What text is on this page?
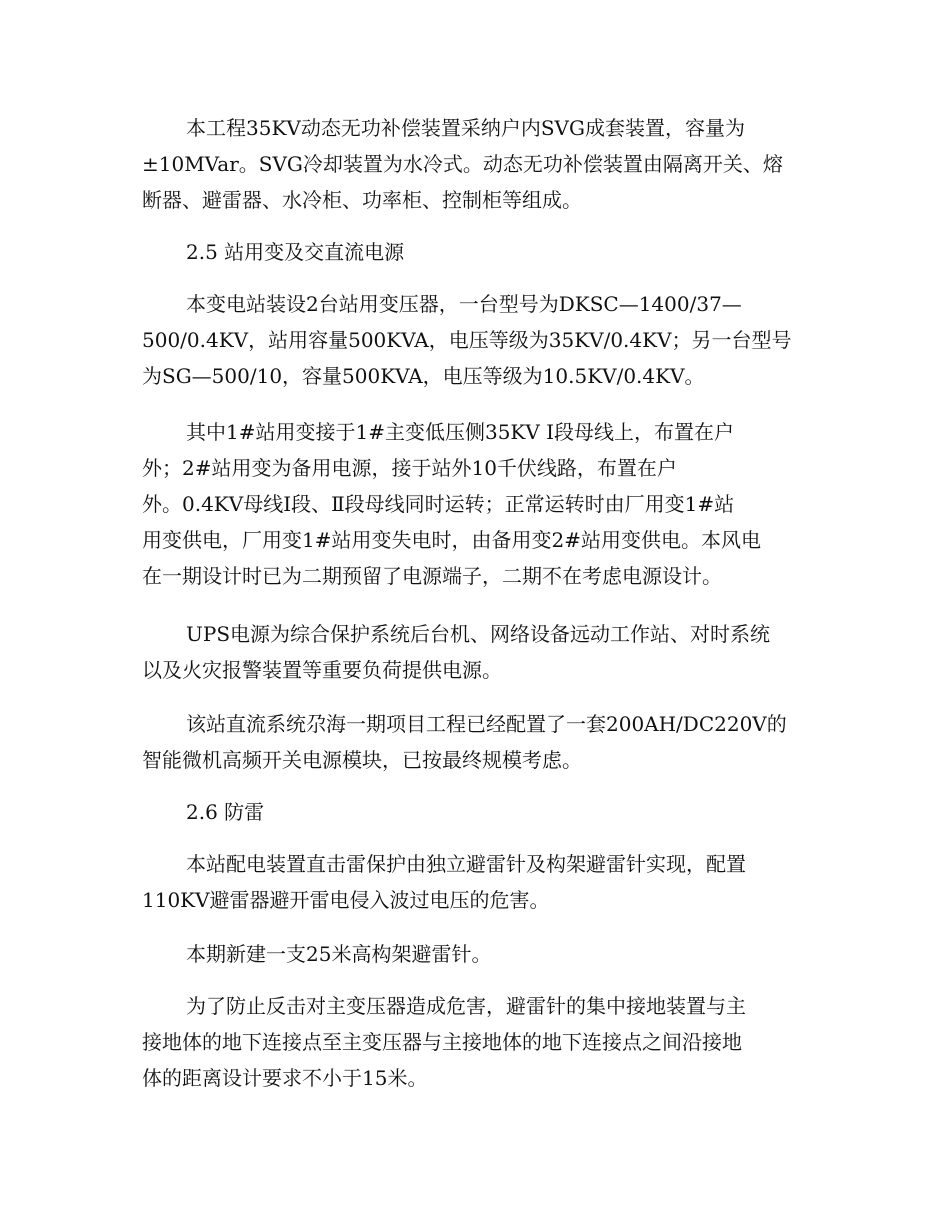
本工程35KV动态无功补偿装置采纳户内SVG成套装置，容量为
±10MVar。SVG冷却装置为水冷式。动态无功补偿装置由隔离开关、熔
断器、避雷器、水冷柜、功率柜、控制柜等组成。

2.5 站用变及交直流电源

本变电站装设2台站用变压器，一台型号为DKSC—1400/37—
500/0.4KV，站用容量500KVA，电压等级为35KV/0.4KV；另一台型号
为SG—500/10，容量500KVA，电压等级为10.5KV/0.4KV。

其中1#站用变接于1#主变低压侧35KV Ⅰ段母线上，布置在户
外；2#站用变为备用电源，接于站外10千伏线路，布置在户
外。0.4KV母线Ⅰ段、Ⅱ段母线同时运转；正常运转时由厂用变1#站
用变供电，厂用变1#站用变失电时，由备用变2#站用变供电。本风电
在一期设计时已为二期预留了电源端子，二期不在考虑电源设计。

UPS电源为综合保护系统后台机、网络设备远动工作站、对时系统
以及火灾报警装置等重要负荷提供电源。

该站直流系统尕海一期项目工程已经配置了一套200AH/DC220V的
智能微机高频开关电源模块，已按最终规模考虑。

2.6 防雷

本站配电装置直击雷保护由独立避雷针及构架避雷针实现，配置
110KV避雷器避开雷电侵入波过电压的危害。

本期新建一支25米高构架避雷针。

为了防止反击对主变压器造成危害，避雷针的集中接地装置与主
接地体的地下连接点至主变压器与主接地体的地下连接点之间沿接地
体的距离设计要求不小于15米。
